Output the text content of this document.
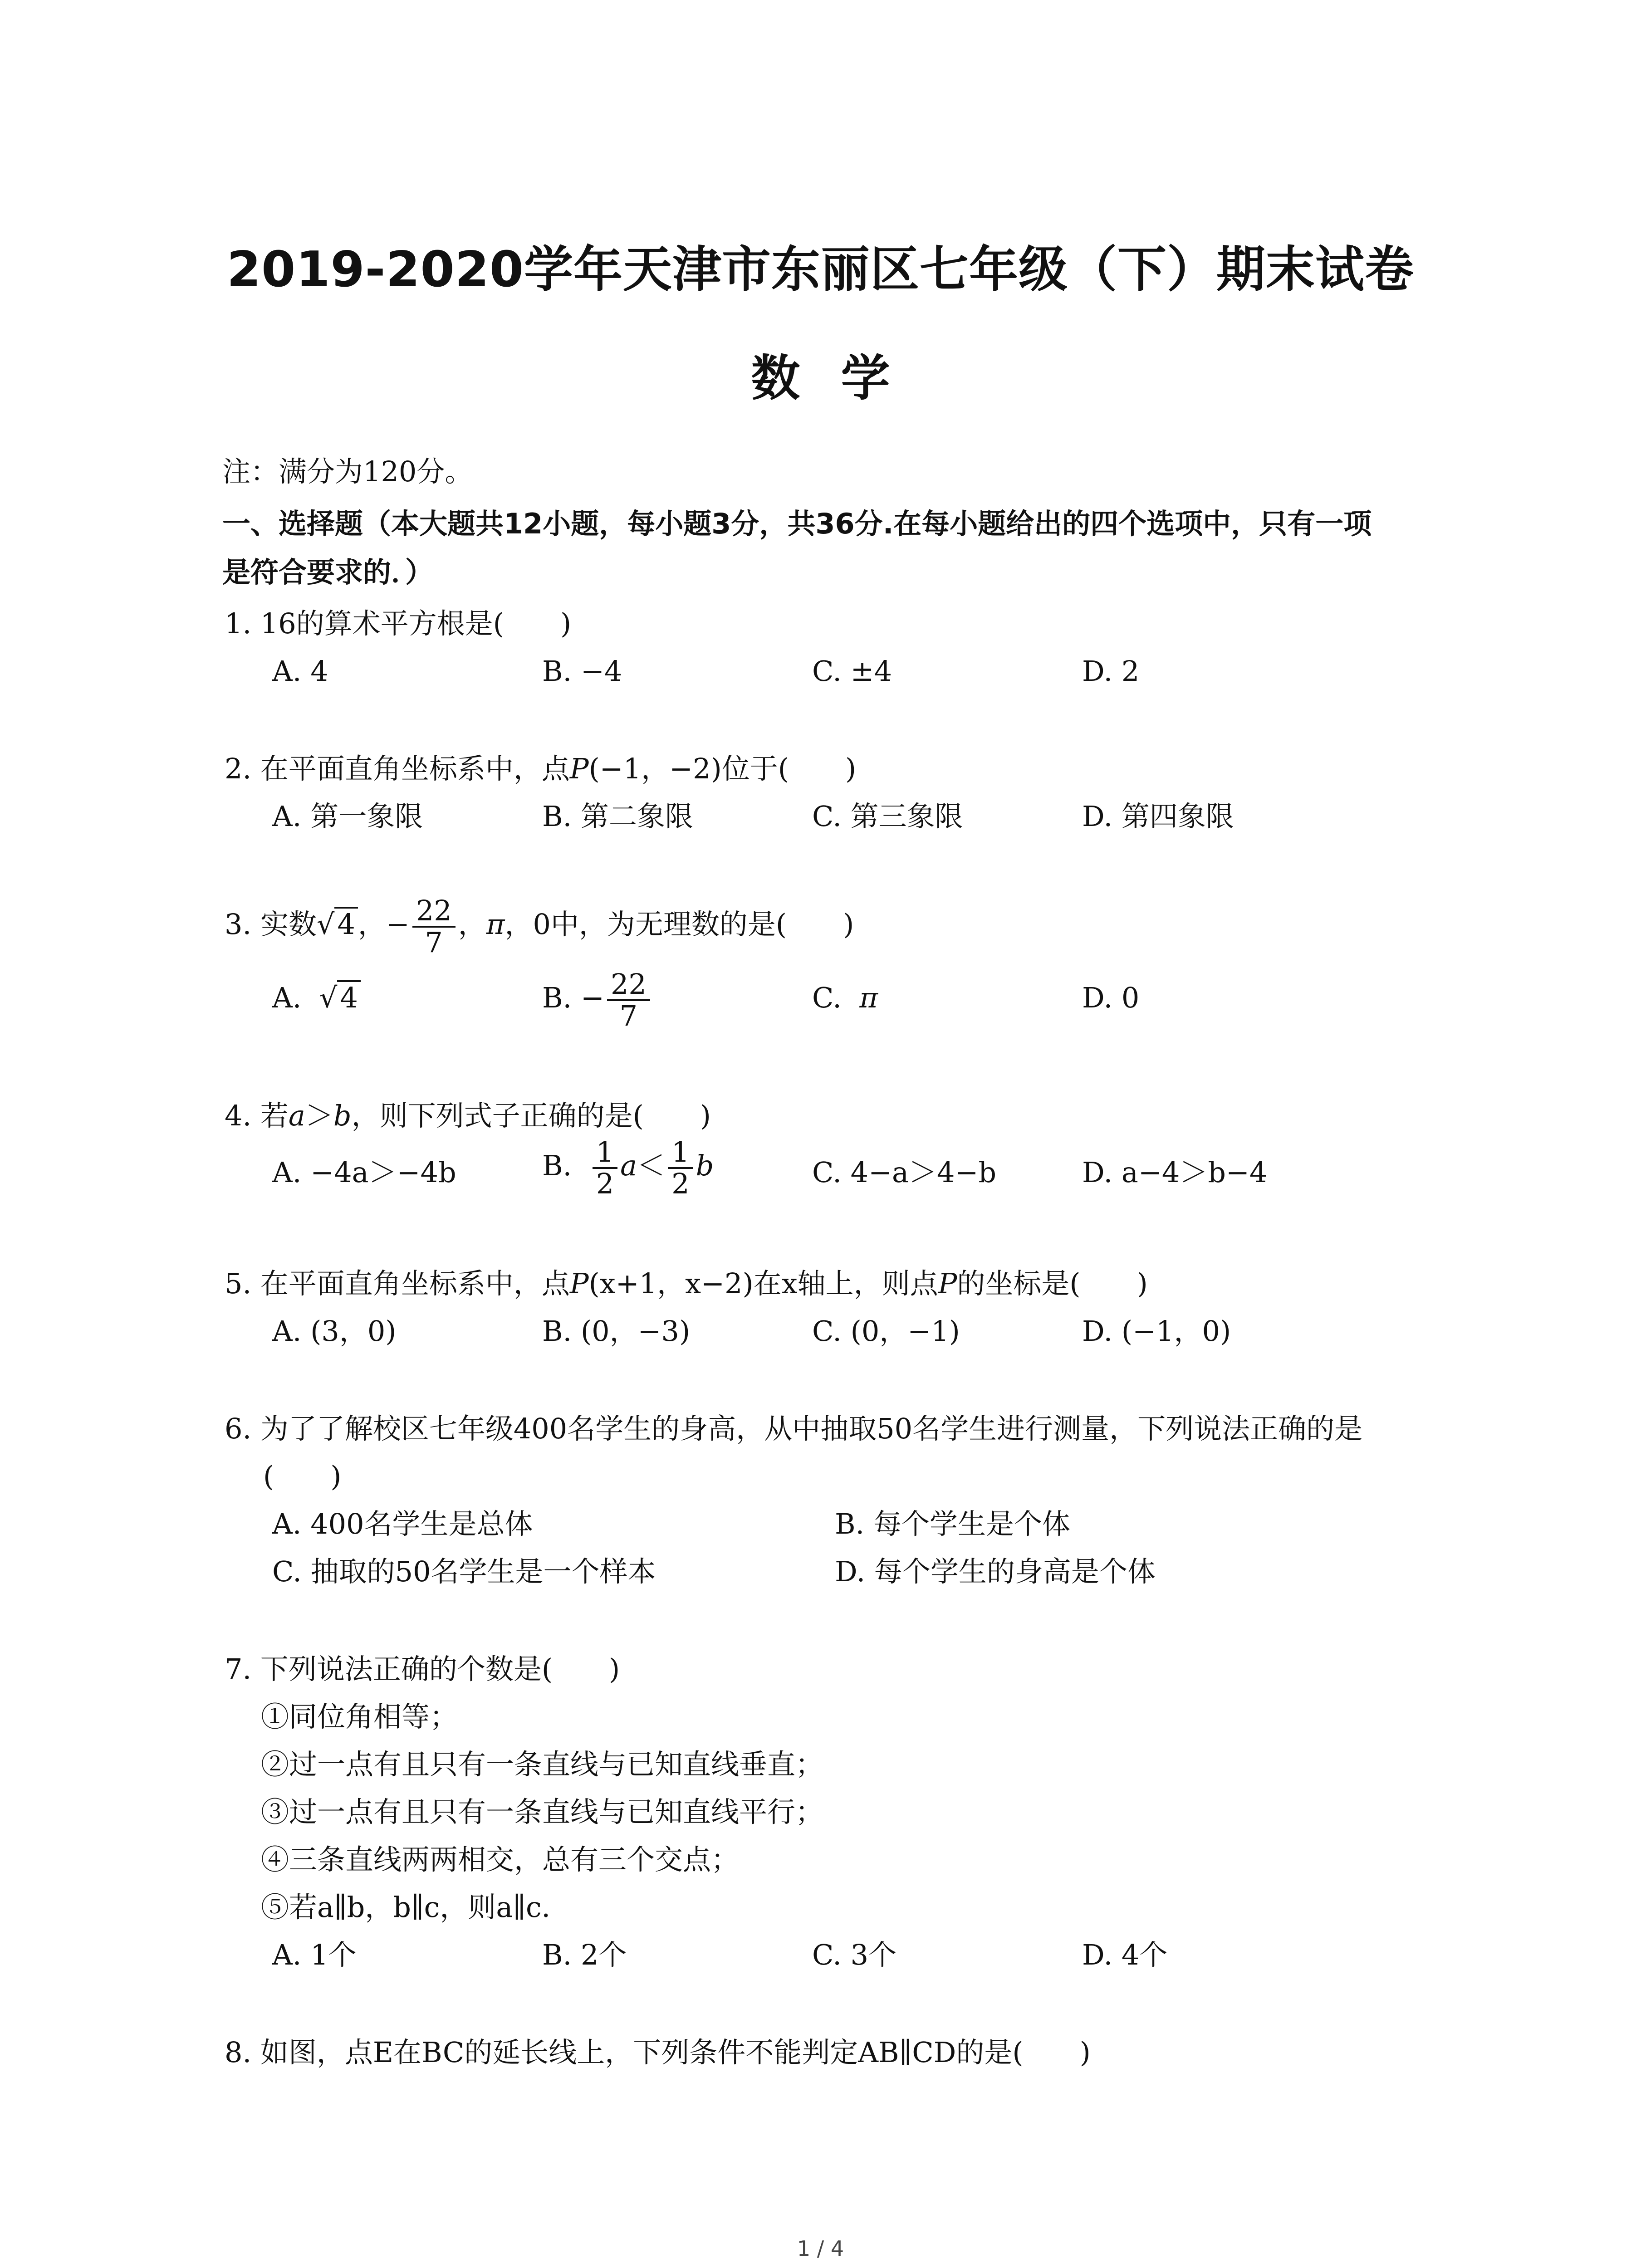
2019-2020学年天津市东丽区七年级（下）期末试卷
数学
注：满分为120分。
一、选择题（本大题共12小题，每小题3分，共36分.在每小题给出的四个选项中，只有一项
是符合要求的．）
1. 16的算术平方根是(　　)
A. 4	B. −4	C. ±4	D. 2
2. 在平面直角坐标系中，点P(−1，−2)位于(　　)
A. 第一象限	B. 第二象限	C. 第三象限	D. 第四象限
3. 实数√4，− $\frac{22}{7}$ ，π，0中，为无理数的是(　　)
A. √4	B. − $\frac{22}{7}$	C. π	D. 0
4. 若a＞b，则下列式子正确的是(　　)
A. −4a＞−4b	B. $\frac{1}{2} a< \frac{1}{2}$ b	C. 4−a＞4−b	D. a−4＞b−4
5. 在平面直角坐标系中，点P(x+1，x−2)在x轴上，则点P的坐标是(　　)
A. (3，0)	B. (0，−3)	C. (0，−1)	D. (−1，0)
6. 为了了解校区七年级400名学生的身高，从中抽取50名学生进行测量，下列说法正确的是
(　　)
A. 400名学生是总体	B. 每个学生是个体
C. 抽取的50名学生是一个样本	D. 每个学生的身高是个体
7. 下列说法正确的个数是(　　)
①同位角相等；
②过一点有且只有一条直线与已知直线垂直；
③过一点有且只有一条直线与已知直线平行；
④三条直线两两相交，总有三个交点；
⑤若a∥b，b∥c，则a∥c．
A. 1个	B. 2个	C. 3个	D. 4个
8. 如图，点E在BC的延长线上，下列条件不能判定AB∥CD的是(　　)
1 / 4
